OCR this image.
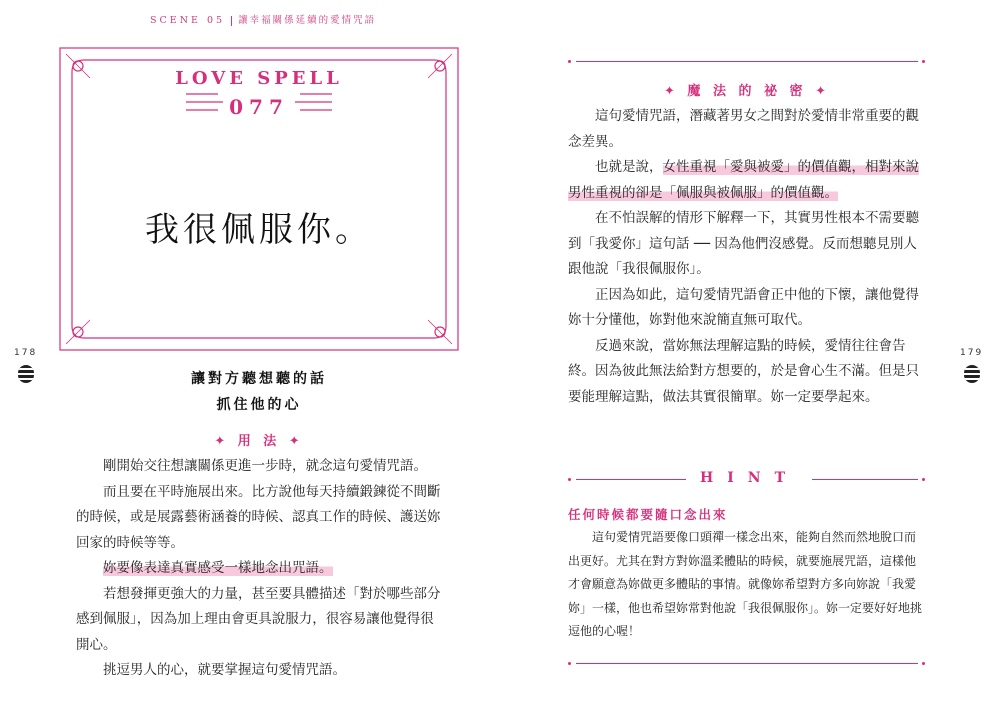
SCENE 05 讓幸福關係延續的愛情咒語
LOVE SPELL
077
我很佩服你。
178
讓對方聽想聽的話
抓住他的心
✦ 用 法 ✦

剛開始交往想讓關係更進一步時，就念這句愛情咒語。

而且要在平時施展出來。比方說他每天持續鍛鍊從不間斷的時候，或是展露藝術涵養的時候、認真工作的時候、護送妳回家的時候等等。

妳要像表達真實感受一樣地念出咒語。

若想發揮更強大的力量，甚至要具體描述「對於哪些部分感到佩服」，因為加上理由會更具說服力，很容易讓他覺得很開心。

挑逗男人的心，就要掌握這句愛情咒語。

✦ 魔 法 的 祕 密 ✦

這句愛情咒語，潛藏著男女之間對於愛情非常重要的觀念差異。

也就是說，女性重視「愛與被愛」的價值觀，相對來說男性重視的卻是「佩服與被佩服」的價值觀。

在不怕誤解的情形下解釋一下，其實男性根本不需要聽到「我愛你」這句話 ── 因為他們沒感覺。反而想聽見別人跟他說「我很佩服你」。

正因為如此，這句愛情咒語會正中他的下懷，讓他覺得妳十分懂他，妳對他來說簡直無可取代。

反過來說，當妳無法理解這點的時候，愛情往往會告終。因為彼此無法給對方想要的，於是會心生不滿。但是只要能理解這點，做法其實很簡單。妳一定要學起來。

179
HINT
任何時候都要隨口念出來

這句愛情咒語要像口頭禪一樣念出來，能夠自然而然地脫口而出更好。尤其在對方對妳溫柔體貼的時候，就要施展咒語，這樣他才會願意為妳做更多體貼的事情。就像妳希望對方多向妳說「我愛妳」一樣，他也希望妳常對他說「我很佩服你」。妳一定要好好地挑逗他的心喔！
